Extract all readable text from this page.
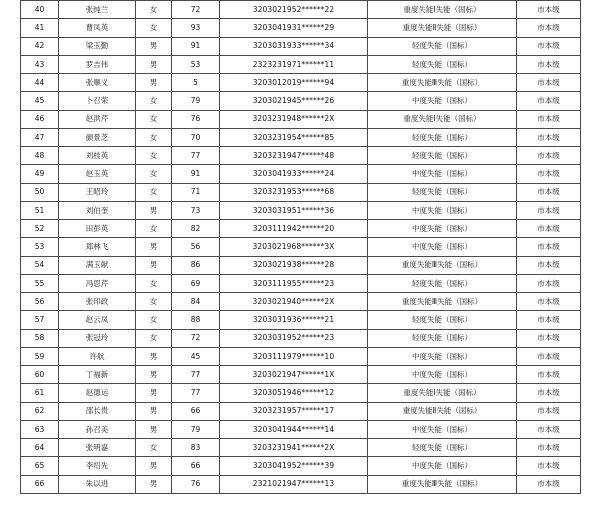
40	张纯兰	女	72	3203021952******22	重度失能Ⅰ失能（国标）	市本级
41	曹凤英	女	93	3203041931******29	重度失能Ⅱ失能（国标）	市本级
42	梁玉勤	男	91	3203031933******34	轻度失能（国标）	市本级
43	罗吉伟	男	53	2323231971******11	轻度失能（国标）	市本级
44	张顺义	男	5	3203012019******94	重度失能Ⅲ失能（国标）	市本级
45	卜召荣	女	79	3203021945******26	中度失能（国标）	市本级
46	赵洪芹	女	76	3203231948******2X	重度失能Ⅰ失能（国标）	市本级
47	颜景芝	女	70	3203231954******85	轻度失能（国标）	市本级
48	刘桂英	女	77	3203231947******48	轻度失能（国标）	市本级
49	赵玉英	女	91	3203041933******24	中度失能（国标）	市本级
50	王昭玲	女	71	3203231953******68	轻度失能（国标）	市本级
51	刘伯奎	男	73	3203031951******36	中度失能（国标）	市本级
52	田彭英	女	82	3203111942******20	中度失能（国标）	市本级
53	郑林飞	男	56	3203021968******3X	中度失能（国标）	市本级
54	满玉献	男	86	3203021938******28	重度失能Ⅲ失能（国标）	市本级
55	冯思芹	女	69	3203111955******23	轻度失能（国标）	市本级
56	张印政	女	84	3203021940******2X	重度失能Ⅲ失能（国标）	市本级
57	赵云凤	女	88	3203031936******21	轻度失能（国标）	市本级
58	张冠玲	女	72	3203031952******23	轻度失能（国标）	市本级
59	许航	男	45	3203111979******10	中度失能（国标）	市本级
60	丁福新	男	77	3203021947******1X	中度失能（国标）	市本级
61	赵德运	男	77	3203051946******12	重度失能Ⅰ失能（国标）	市本级
62	邵长贵	男	66	3203231957******17	重度失能Ⅱ失能（国标）	市本级
63	孙召美	男	79	3203041944******14	中度失能（国标）	市本级
64	张明嘉	女	83	3203231941******2X	轻度失能（国标）	市本级
65	李绍先	男	66	3203041952******39	中度失能（国标）	市本级
66	朱以进	男	76	2321021947******13	重度失能Ⅲ失能（国标）	市本级
